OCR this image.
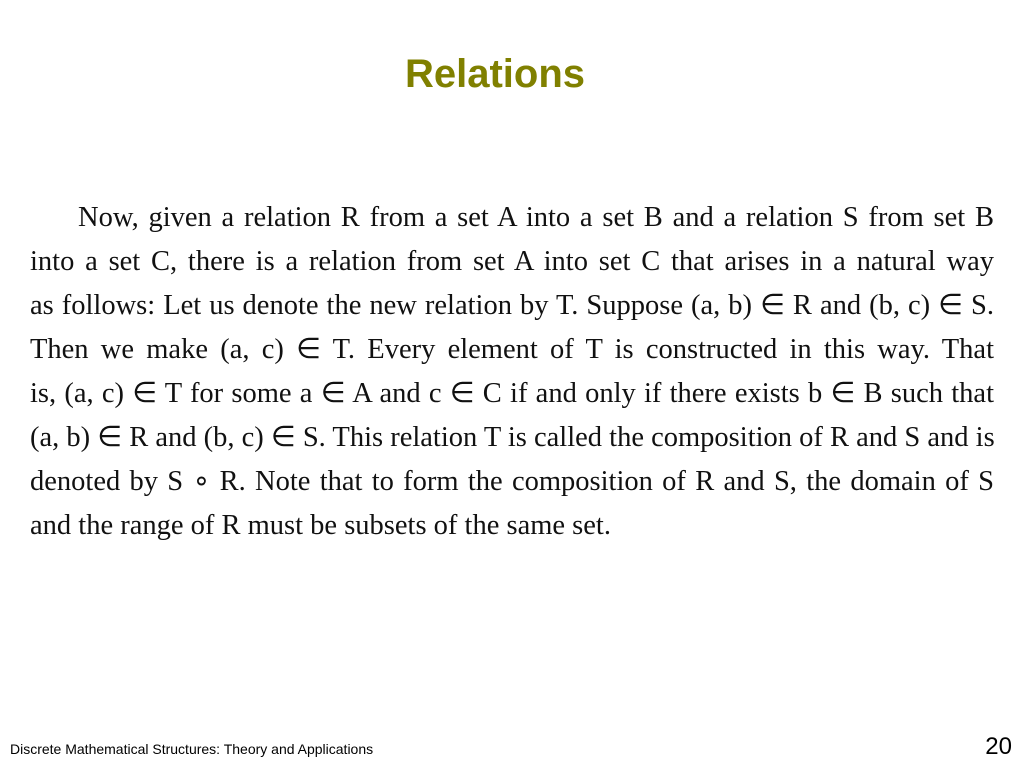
Relations
Now, given a relation R from a set A into a set B and a relation S from set B
into a set C, there is a relation from set A into set C that arises in a natural way
as follows: Let us denote the new relation by T. Suppose (a, b) ∈ R and (b, c) ∈ S.
Then we make (a, c) ∈ T. Every element of T is constructed in this way. That
is, (a, c) ∈ T for some a ∈ A and c ∈ C if and only if there exists b ∈ B such that
(a, b) ∈ R and (b, c) ∈ S. This relation T is called the composition of R and S and is
denoted by S ∘ R. Note that to form the composition of R and S, the domain of S
and the range of R must be subsets of the same set.
Discrete Mathematical Structures: Theory and Applications	20
